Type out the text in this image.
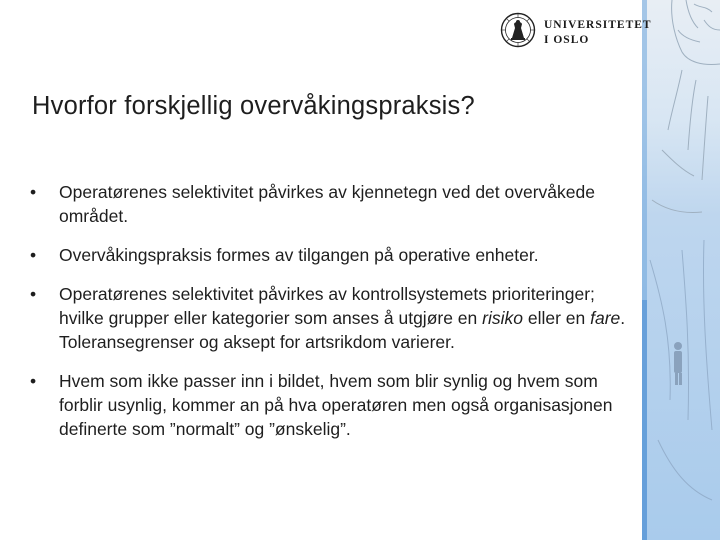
UNIVERSITETET
I OSLO
Hvorfor forskjellig overvåkingspraksis?
• Operatørenes selektivitet påvirkes av kjennetegn ved det overvåkede området.
• Overvåkingspraksis formes av tilgangen på operative enheter.
• Operatørenes selektivitet påvirkes av kontrollsystemets prioriteringer; hvilke grupper eller kategorier som anses å utgjøre en risiko eller en fare. Toleransegrenser og aksept for artsrikdom varierer.
• Hvem som ikke passer inn i bildet, hvem som blir synlig og hvem som forblir usynlig, kommer an på hva operatøren men også organisasjonen definerte som ”normalt” og ”ønskelig”.
